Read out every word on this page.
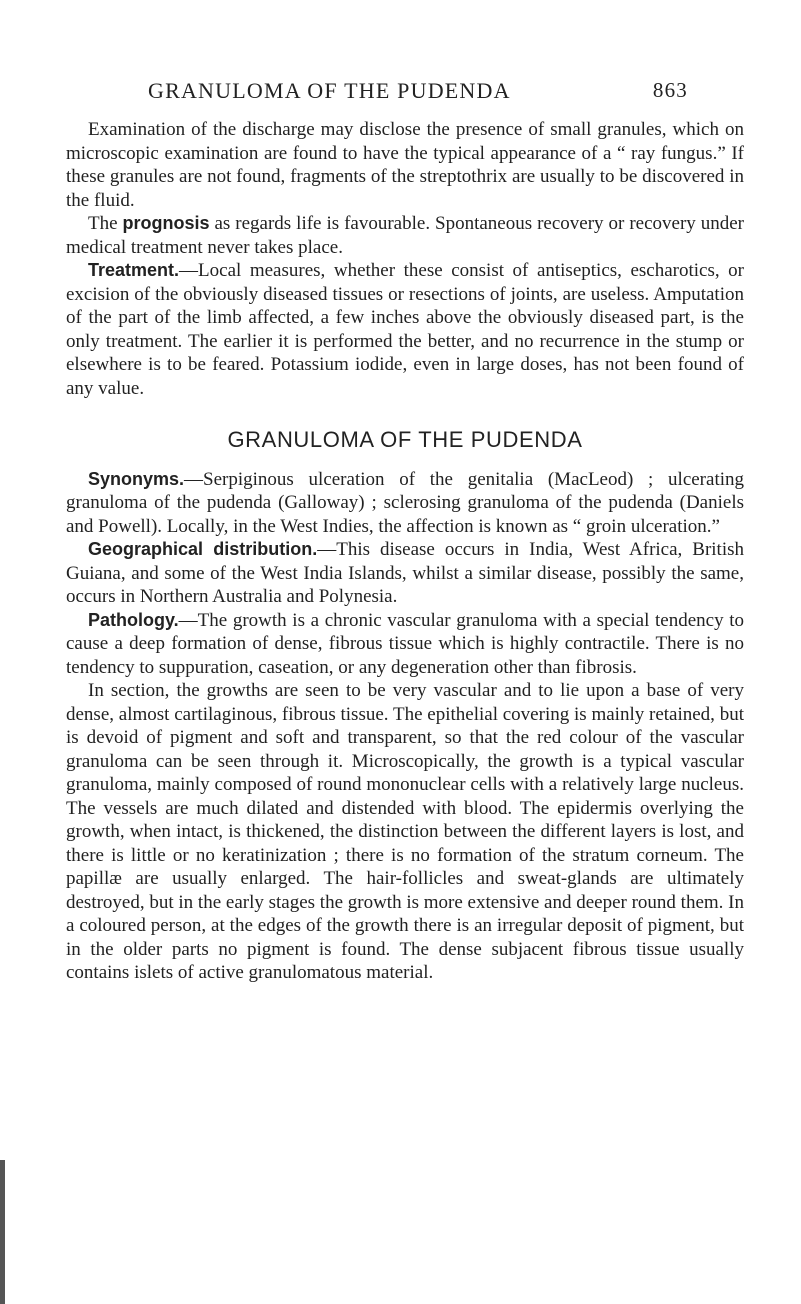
GRANULOMA OF THE PUDENDA	863

Examination of the discharge may disclose the presence of small granules, which on microscopic examination are found to have the typical appearance of a “ ray fungus.” If these granules are not found, fragments of the streptothrix are usually to be discovered in the fluid.

The prognosis as regards life is favourable. Spontaneous recovery or recovery under medical treatment never takes place.

Treatment.—Local measures, whether these consist of antiseptics, escharotics, or excision of the obviously diseased tissues or resections of joints, are useless. Amputation of the part of the limb affected, a few inches above the obviously diseased part, is the only treatment. The earlier it is performed the better, and no recurrence in the stump or elsewhere is to be feared. Potassium iodide, even in large doses, has not been found of any value.

GRANULOMA OF THE PUDENDA

Synonyms.—Serpiginous ulceration of the genitalia (MacLeod) ; ulcerating granuloma of the pudenda (Galloway) ; sclerosing granuloma of the pudenda (Daniels and Powell). Locally, in the West Indies, the affection is known as “ groin ulceration.”

Geographical distribution.—This disease occurs in India, West Africa, British Guiana, and some of the West India Islands, whilst a similar disease, possibly the same, occurs in Northern Australia and Polynesia.

Pathology.—The growth is a chronic vascular granuloma with a special tendency to cause a deep formation of dense, fibrous tissue which is highly contractile. There is no tendency to suppuration, caseation, or any degeneration other than fibrosis.

In section, the growths are seen to be very vascular and to lie upon a base of very dense, almost cartilaginous, fibrous tissue. The epithelial covering is mainly retained, but is devoid of pigment and soft and transparent, so that the red colour of the vascular granuloma can be seen through it. Microscopically, the growth is a typical vascular granuloma, mainly composed of round mononuclear cells with a relatively large nucleus. The vessels are much dilated and distended with blood. The epidermis overlying the growth, when intact, is thickened, the distinction between the different layers is lost, and there is little or no keratinization ; there is no formation of the stratum corneum. The papillæ are usually enlarged. The hair-follicles and sweat-glands are ultimately destroyed, but in the early stages the growth is more extensive and deeper round them. In a coloured person, at the edges of the growth there is an irregular deposit of pigment, but in the older parts no pigment is found. The dense subjacent fibrous tissue usually contains islets of active granulomatous material.
